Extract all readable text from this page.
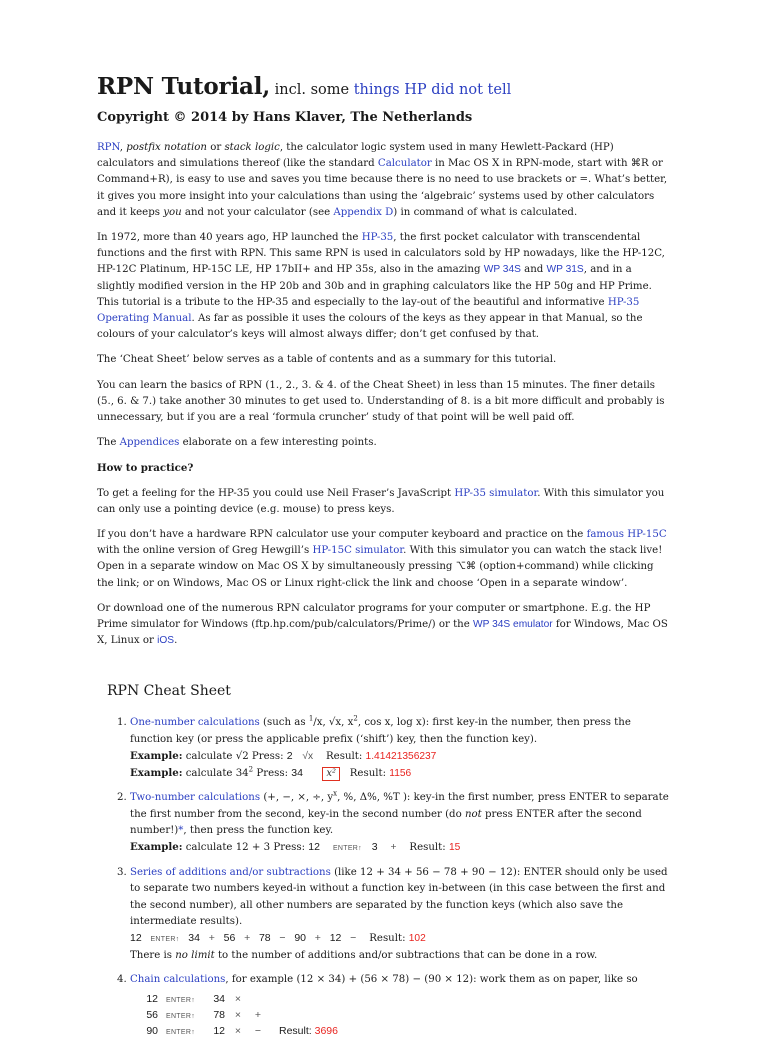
RPN Tutorial, incl. some things HP did not tell
Copyright © 2014 by Hans Klaver, The Netherlands

RPN, postfix notation or stack logic, the calculator logic system used in many Hewlett-Packard (HP) calculators and simulations thereof (like the standard Calculator in Mac OS X in RPN-mode, start with ⌘R or Command+R), is easy to use and saves you time because there is no need to use brackets or =. What’s better, it gives you more insight into your calculations than using the ‘algebraic’ systems used by other calculators and it keeps you and not your calculator (see Appendix D) in command of what is calculated.

In 1972, more than 40 years ago, HP launched the HP-35, the first pocket calculator with transcendental functions and the first with RPN. This same RPN is used in calculators sold by HP nowadays, like the HP-12C, HP-12C Platinum, HP-15C LE, HP 17bII+ and HP 35s, also in the amazing WP 34S and WP 31S, and in a slightly modified version in the HP 20b and 30b and in graphing calculators like the HP 50g and HP Prime. This tutorial is a tribute to the HP-35 and especially to the lay-out of the beautiful and informative HP-35 Operating Manual. As far as possible it uses the colours of the keys as they appear in that Manual, so the colours of your calculator’s keys will almost always differ; don’t get confused by that.

The ‘Cheat Sheet’ below serves as a table of contents and as a summary for this tutorial.

You can learn the basics of RPN (1., 2., 3. & 4. of the Cheat Sheet) in less than 15 minutes. The finer details (5., 6. & 7.) take another 30 minutes to get used to. Understanding of 8. is a bit more difficult and probably is unnecessary, but if you are a real ‘formula cruncher’ study of that point will be well paid off.

The Appendices elaborate on a few interesting points.

How to practice?

To get a feeling for the HP-35 you could use Neil Fraser’s JavaScript HP-35 simulator. With this simulator you can only use a pointing device (e.g. mouse) to press keys.

If you don’t have a hardware RPN calculator use your computer keyboard and practice on the famous HP-15C with the online version of Greg Hewgill’s HP-15C simulator. With this simulator you can watch the stack live! Open in a separate window on Mac OS X by simultaneously pressing ⌥⌘ (option+command) while clicking the link; or on Windows, Mac OS or Linux right-click the link and choose ‘Open in a separate window’.

Or download one of the numerous RPN calculator programs for your computer or smartphone. E.g. the HP Prime simulator for Windows (ftp.hp.com/pub/calculators/Prime/) or the WP 34S emulator for Windows, Mac OS X, Linux or iOS.

RPN Cheat Sheet
1. One-number calculations (such as $^1$/x, √x, $x^2$, cos x, log x): first key-in the number, then press the function key (or press the applicable prefix (‘shift’) key, then the function key).
Example: calculate √2 Press: 2 √x Result: 1.41421356237
Example: calculate $34^2$ Press: 34 x² Result: 1156
2. Two-number calculations (+, −, ×, ÷, $y^x$, %, Δ%, %T ): key-in the first number, press ENTER to separate the first number from the second, key-in the second number (do not press ENTER after the second number!)*, then press the function key.
Example: calculate 12 + 3 Press: 12 ENTER↑ 3 + Result: 15
3. Series of additions and/or subtractions (like 12 + 34 + 56 − 78 + 90 − 12): ENTER should only be used to separate two numbers keyed-in without a function key in-between (in this case between the first and the second number), all other numbers are separated by the function keys (which also save the intermediate results).
12 ENTER↑ 34 + 56 + 78 − 90 + 12 − Result: 102
There is no limit to the number of additions and/or subtractions that can be done in a row.
4. Chain calculations, for example (12 × 34) + (56 × 78) − (90 × 12): work them as on paper, like so
12 ENTER↑ 34 ×
56 ENTER↑ 78 × +
90 ENTER↑ 12 × − Result: 3696
